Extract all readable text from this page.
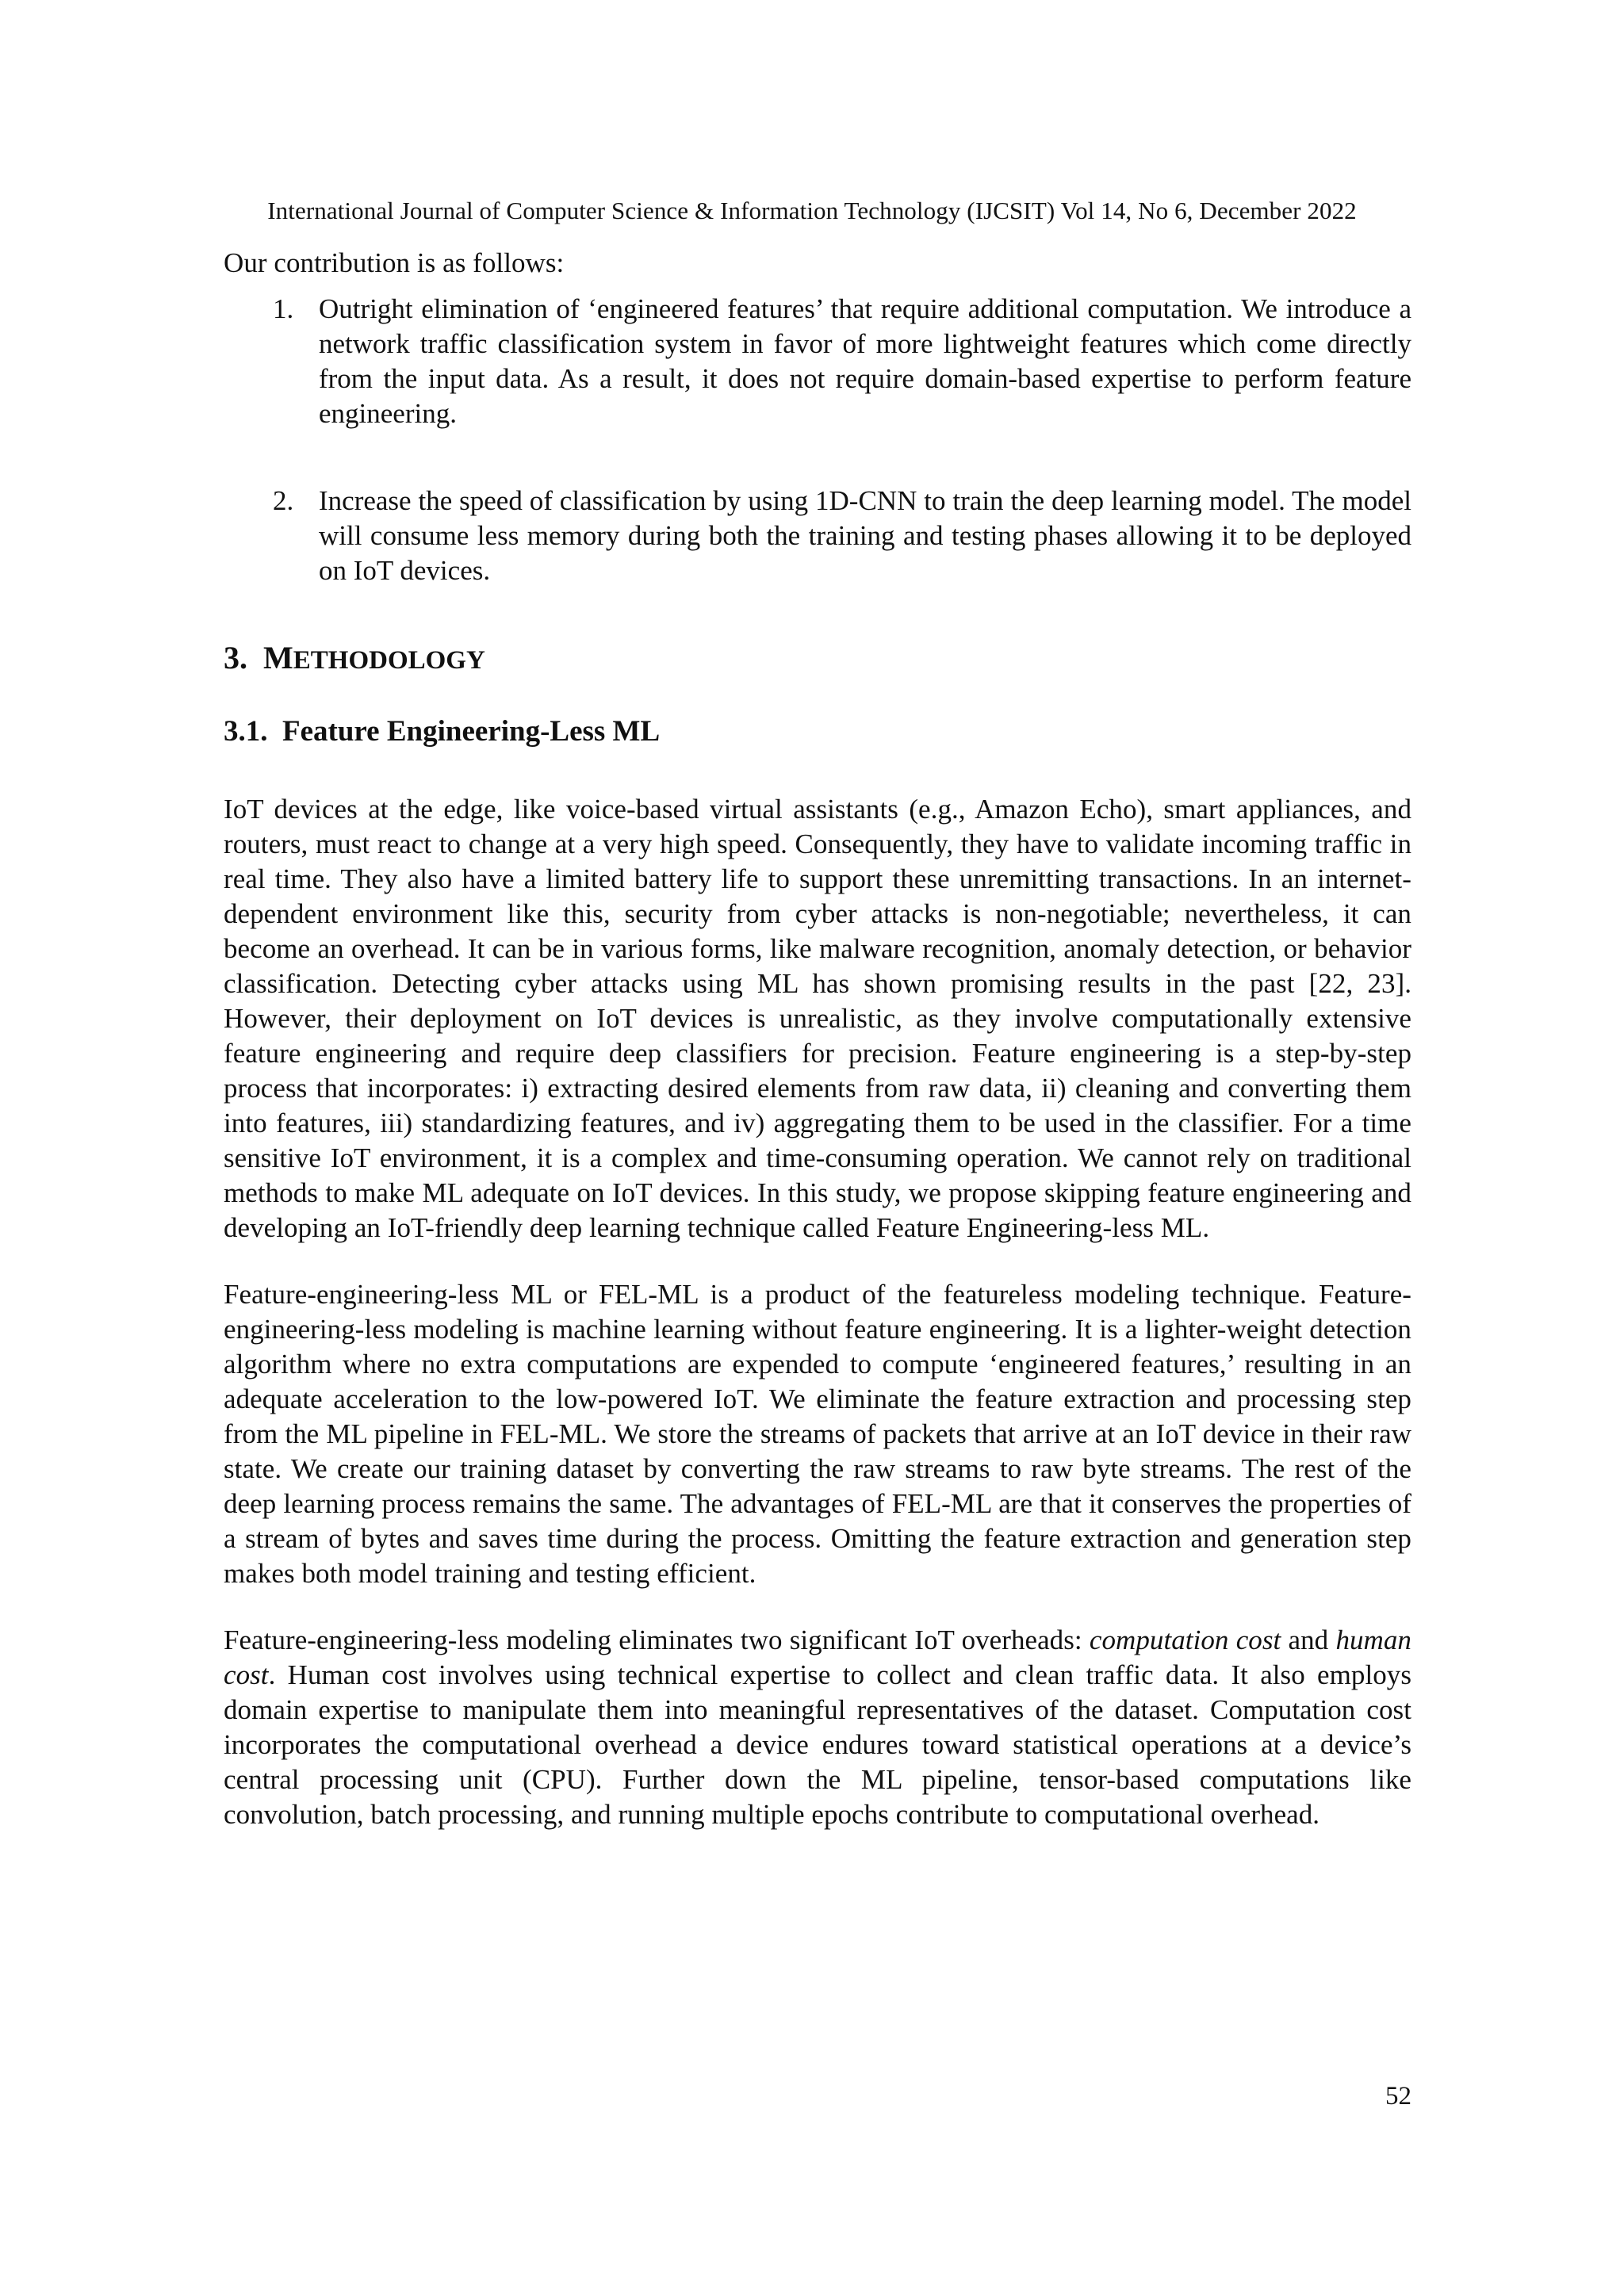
International Journal of Computer Science & Information Technology (IJCSIT) Vol 14, No 6, December 2022

Our contribution is as follows:

1. Outright elimination of ‘engineered features’ that require additional computation. We introduce a network traffic classification system in favor of more lightweight features which come directly from the input data. As a result, it does not require domain-based expertise to perform feature engineering.
2. Increase the speed of classification by using 1D-CNN to train the deep learning model. The model will consume less memory during both the training and testing phases allowing it to be deployed on IoT devices.
3. METHODOLOGY
3.1. Feature Engineering-Less ML

IoT devices at the edge, like voice-based virtual assistants (e.g., Amazon Echo), smart appliances, and routers, must react to change at a very high speed. Consequently, they have to validate incoming traffic in real time. They also have a limited battery life to support these unremitting transactions. In an internet-dependent environment like this, security from cyber attacks is non-negotiable; nevertheless, it can become an overhead. It can be in various forms, like malware recognition, anomaly detection, or behavior classification. Detecting cyber attacks using ML has shown promising results in the past [22, 23]. However, their deployment on IoT devices is unrealistic, as they involve computationally extensive feature engineering and require deep classifiers for precision. Feature engineering is a step-by-step process that incorporates: i) extracting desired elements from raw data, ii) cleaning and converting them into features, iii) standardizing features, and iv) aggregating them to be used in the classifier. For a time sensitive IoT environment, it is a complex and time-consuming operation. We cannot rely on traditional methods to make ML adequate on IoT devices. In this study, we propose skipping feature engineering and developing an IoT-friendly deep learning technique called Feature Engineering-less ML.

Feature-engineering-less ML or FEL-ML is a product of the featureless modeling technique. Feature-engineering-less modeling is machine learning without feature engineering. It is a lighter-weight detection algorithm where no extra computations are expended to compute ‘engineered features,’ resulting in an adequate acceleration to the low-powered IoT. We eliminate the feature extraction and processing step from the ML pipeline in FEL-ML. We store the streams of packets that arrive at an IoT device in their raw state. We create our training dataset by converting the raw streams to raw byte streams. The rest of the deep learning process remains the same. The advantages of FEL-ML are that it conserves the properties of a stream of bytes and saves time during the process. Omitting the feature extraction and generation step makes both model training and testing efficient.

Feature-engineering-less modeling eliminates two significant IoT overheads: computation cost and human cost. Human cost involves using technical expertise to collect and clean traffic data. It also employs domain expertise to manipulate them into meaningful representatives of the dataset. Computation cost incorporates the computational overhead a device endures toward statistical operations at a device’s central processing unit (CPU). Further down the ML pipeline, tensor-based computations like convolution, batch processing, and running multiple epochs contribute to computational overhead.

52
